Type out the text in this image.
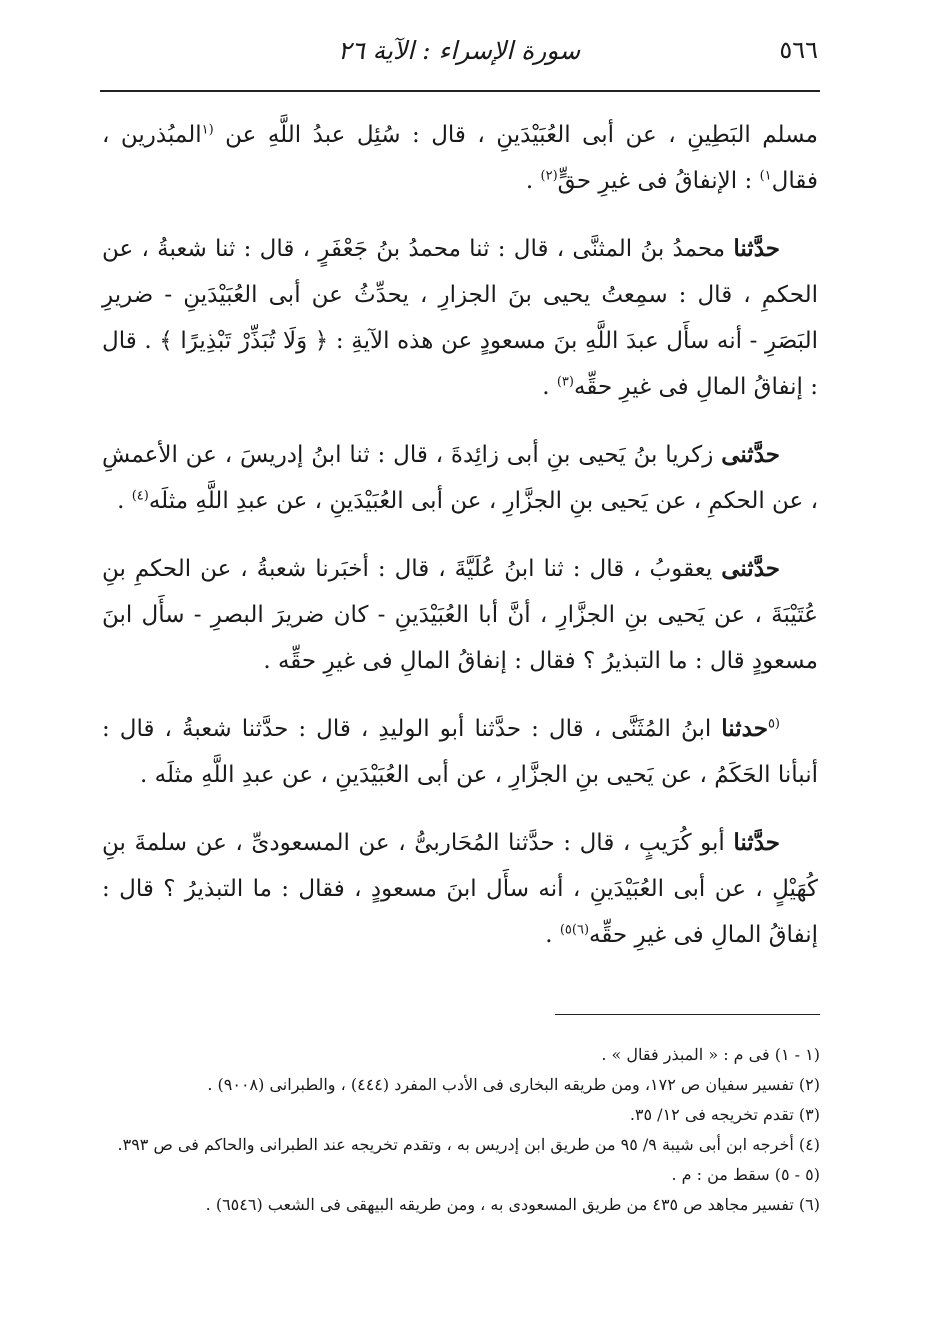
٥٦٦
سورة الإسراء : الآية ٢٦

مسلم البَطِينِ ، عن أبى العُبَيْدَينِ ، قال : سُئِل عبدُ اللَّهِ عن $^{(١}$المبُذرين ، فقال$^{١)}$ : الإنفاقُ فى غيرِ حقٍّ$^{(٢)}$ .

حدَّثنا محمدُ بنُ المثنَّى ، قال : ثنا محمدُ بنُ جَعْفَرٍ ، قال : ثنا شعبةُ ، عن الحكمِ ، قال : سمِعتُ يحيى بنَ الجزارِ ، يحدِّثُ عن أبى العُبَيْدَينِ - ضريرِ البَصَرِ - أنه سأَل عبدَ اللَّهِ بنَ مسعودٍ عن هذه الآيةِ : ﴿ وَلَا تُبَذِّرْ تَبْذِيرًا ﴾ . قال : إنفاقُ المالِ فى غيرِ حقِّه$^{(٣)}$ .

حدَّثنى زكريا بنُ يَحيى بنِ أبى زائِدةَ ، قال : ثنا ابنُ إدريسَ ، عن الأعمشِ ، عن الحكمِ ، عن يَحيى بنِ الجزَّارِ ، عن أبى العُبَيْدَينِ ، عن عبدِ اللَّهِ مثلَه$^{(٤)}$ .

حدَّثنى يعقوبُ ، قال : ثنا ابنُ عُلَيَّةَ ، قال : أخبَرنا شعبةُ ، عن الحكمِ بنِ عُتَيْبَةَ ، عن يَحيى بنِ الجزَّارِ ، أنَّ أبا العُبَيْدَينِ - كان ضريرَ البصرِ - سأَل ابنَ مسعودٍ قال : ما التبذيرُ ؟ فقال : إنفاقُ المالِ فى غيرِ حقِّه .

$^{(٥}$حدثنا ابنُ المُثَنَّى ، قال : حدَّثنا أبو الوليدِ ، قال : حدَّثنا شعبةُ ، قال : أنبأنا الحَكَمُ ، عن يَحيى بنِ الجزَّارِ ، عن أبى العُبَيْدَينِ ، عن عبدِ اللَّهِ مثلَه .

حدَّثنا أبو كُرَيبٍ ، قال : حدَّثنا المُحَاربىُّ ، عن المسعودىِّ ، عن سلمةَ بنِ كُهَيْلٍ ، عن أبى العُبَيْدَينِ ، أنه سأَل ابنَ مسعودٍ ، فقال : ما التبذيرُ ؟ قال : إنفاقُ المالِ فى غيرِ حقِّه$^{(٦)٥)}$ .

(١ - ١) فى م : « المبذر فقال » .

(٢) تفسير سفيان ص ١٧٢، ومن طريقه البخارى فى الأدب المفرد (٤٤٤) ، والطبرانى (٩٠٠٨) .

(٣) تقدم تخريجه فى ١٢/ ٣٥.

(٤) أخرجه ابن أبى شيبة ٩/ ٩٥ من طريق ابن إدريس به ، وتقدم تخريجه عند الطبرانى والحاكم فى ص ٣٩٣.

(٥ - ٥) سقط من : م .

(٦) تفسير مجاهد ص ٤٣٥ من طريق المسعودى به ، ومن طريقه البيهقى فى الشعب (٦٥٤٦) .
